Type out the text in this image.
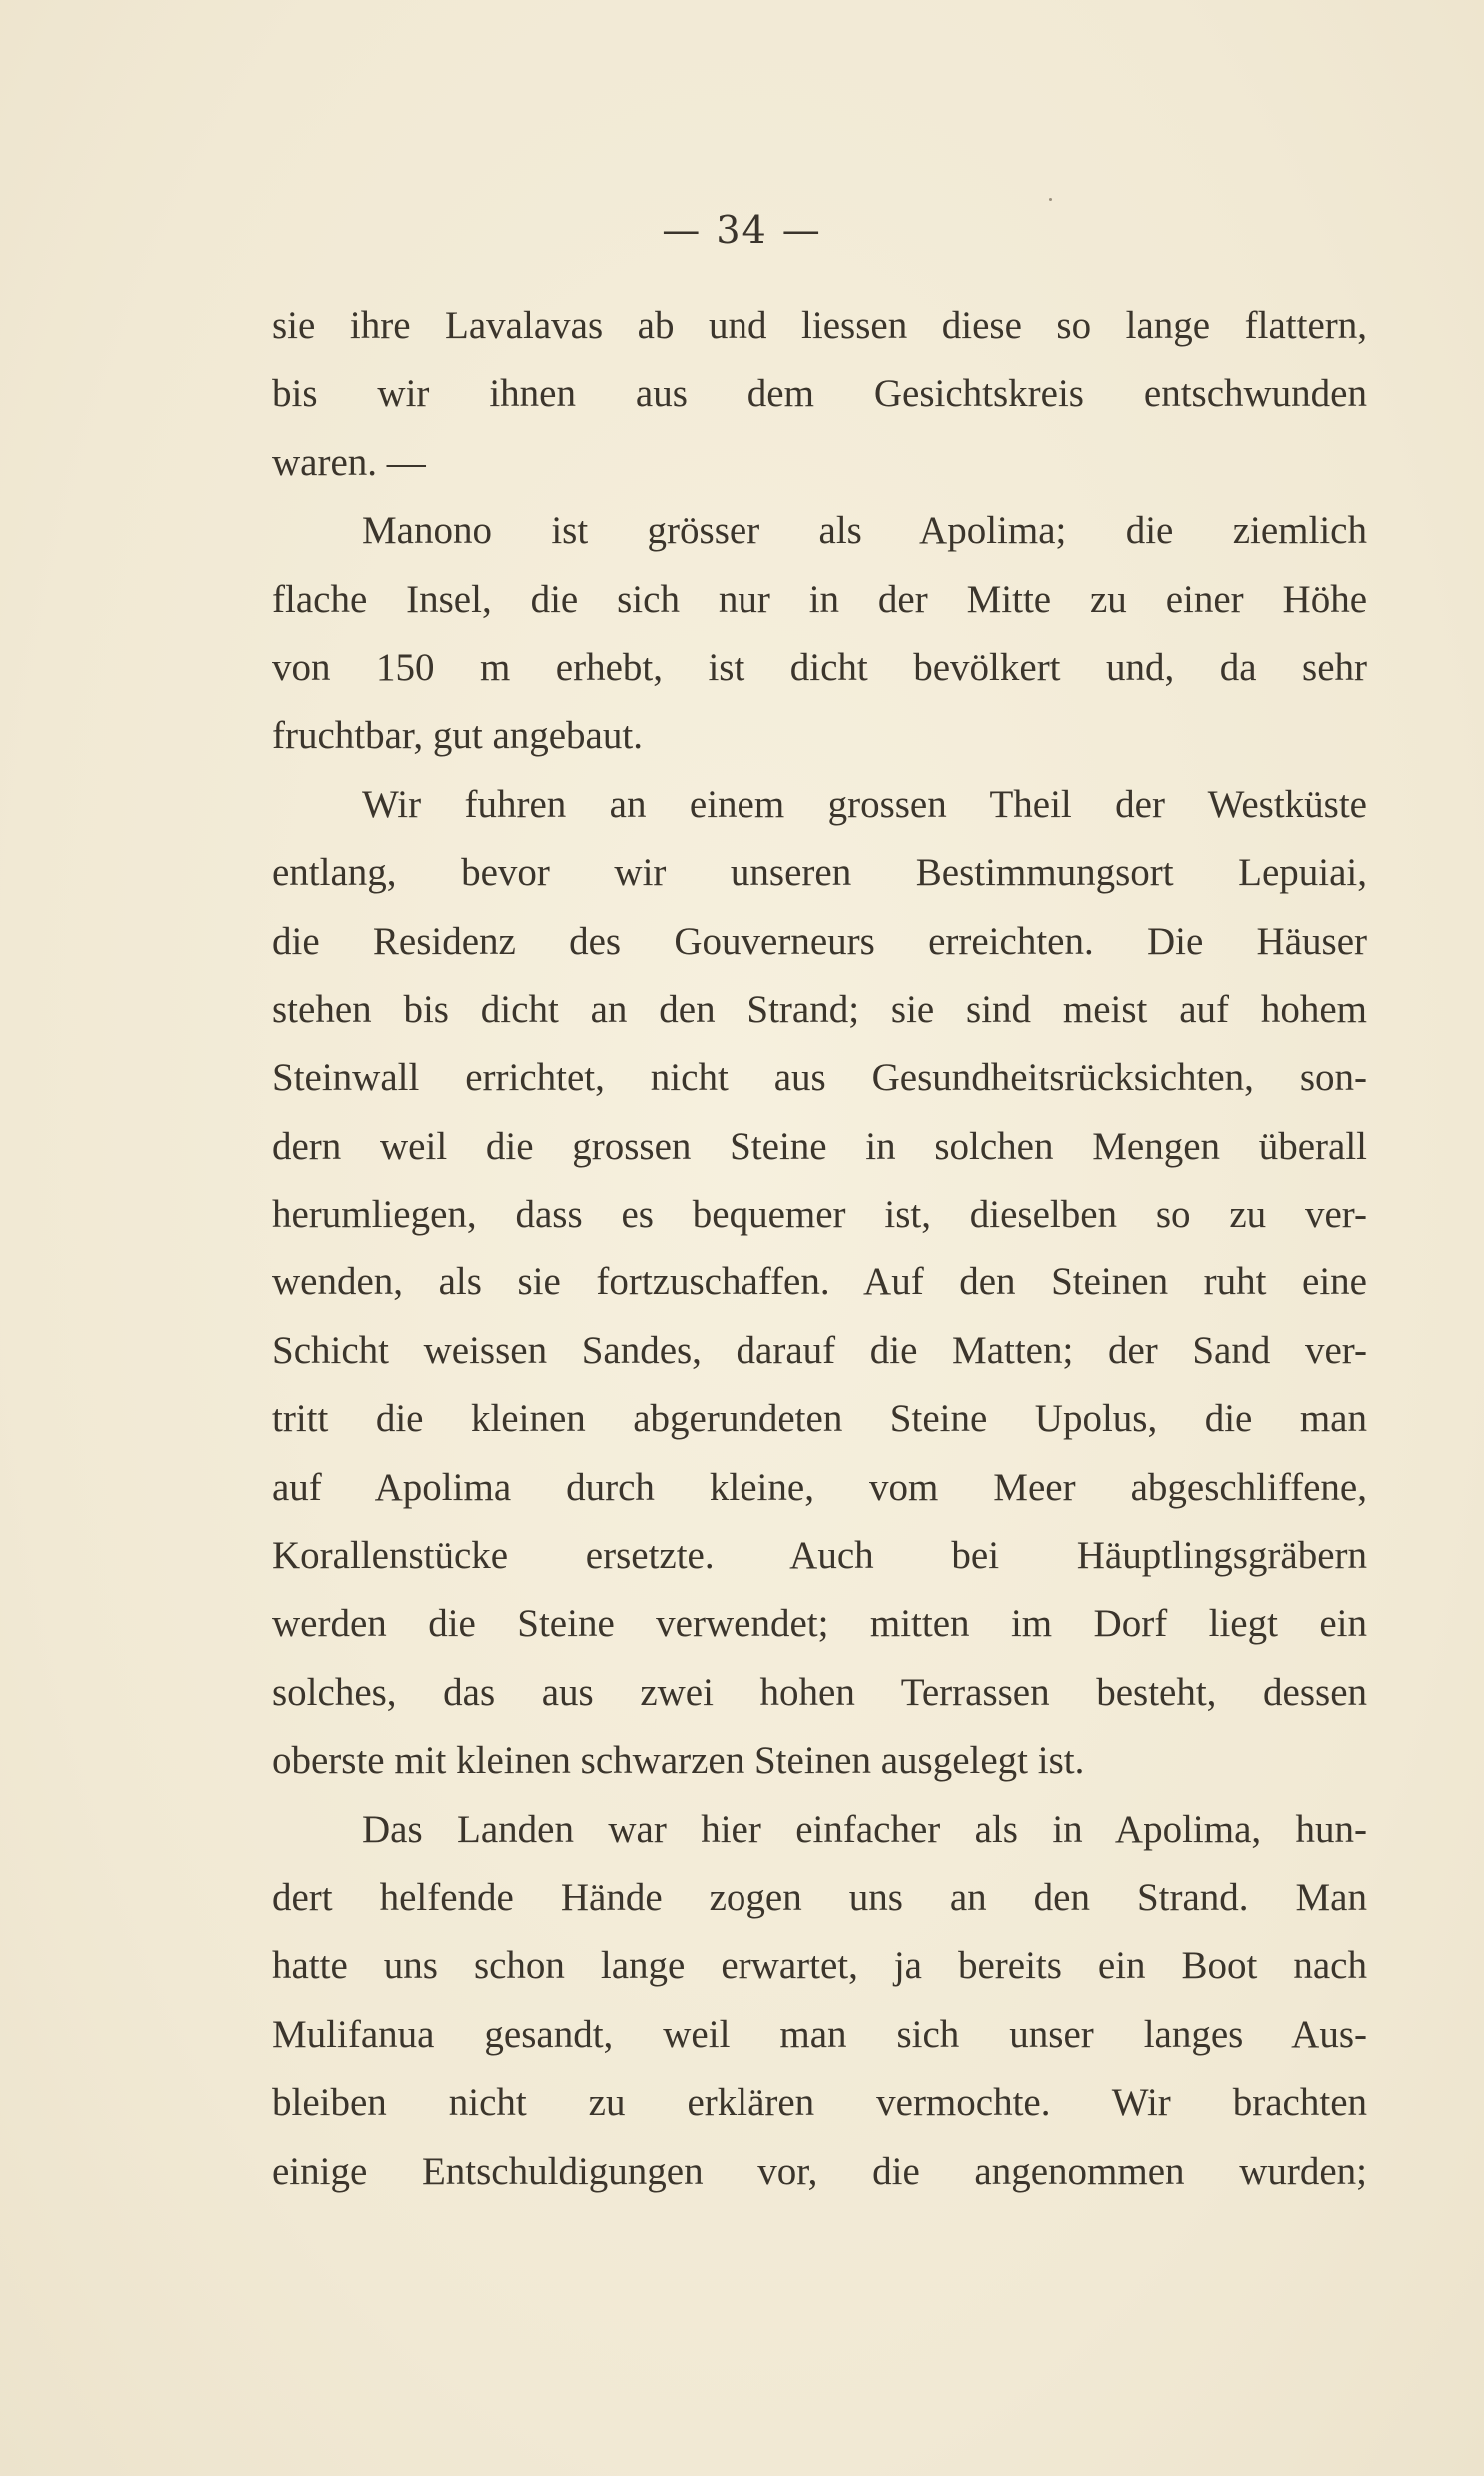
— 34 —

sie ihre Lavalavas ab und liessen diese so lange flattern,
bis wir ihnen aus dem Gesichtskreis entschwunden
waren. —

Manono ist grösser als Apolima; die ziemlich
flache Insel, die sich nur in der Mitte zu einer Höhe
von 150 m erhebt, ist dicht bevölkert und, da sehr
fruchtbar, gut angebaut.

Wir fuhren an einem grossen Theil der Westküste
entlang, bevor wir unseren Bestimmungsort Lepuiai,
die Residenz des Gouverneurs erreichten. Die Häuser
stehen bis dicht an den Strand; sie sind meist auf hohem
Steinwall errichtet, nicht aus Gesundheitsrücksichten, son-
dern weil die grossen Steine in solchen Mengen überall
herumliegen, dass es bequemer ist, dieselben so zu ver-
wenden, als sie fortzuschaffen. Auf den Steinen ruht eine
Schicht weissen Sandes, darauf die Matten; der Sand ver-
tritt die kleinen abgerundeten Steine Upolus, die man
auf Apolima durch kleine, vom Meer abgeschliffene,
Korallenstücke ersetzte. Auch bei Häuptlingsgräbern
werden die Steine verwendet; mitten im Dorf liegt ein
solches, das aus zwei hohen Terrassen besteht, dessen
oberste mit kleinen schwarzen Steinen ausgelegt ist.

Das Landen war hier einfacher als in Apolima, hun-
dert helfende Hände zogen uns an den Strand. Man
hatte uns schon lange erwartet, ja bereits ein Boot nach
Mulifanua gesandt, weil man sich unser langes Aus-
bleiben nicht zu erklären vermochte. Wir brachten
einige Entschuldigungen vor, die angenommen wurden;
